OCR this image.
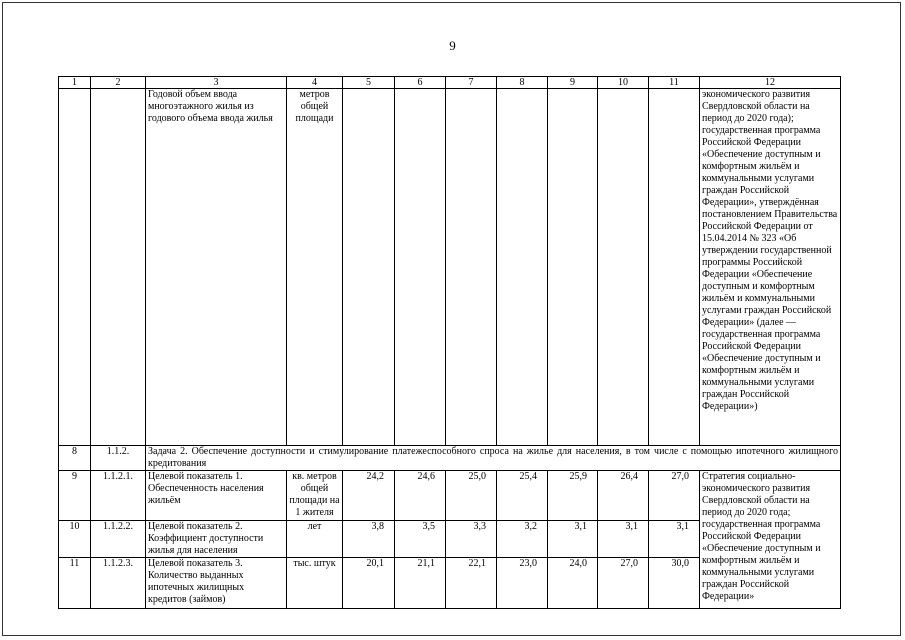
9
1	2	3	4	5	6	7	8	9	10	11	12
		Годовой объем ввода многоэтажного жилья из годового объема ввода жилья	метров общей площади								экономического развития Свердловской области на период до 2020 года); государственная программа Российской Федерации «Обеспечение доступным и комфортным жильём и коммунальными услугами граждан Российской Федерации», утверждённая постановлением Правительства Российской Федерации от 15.04.2014 № 323 «Об утверждении государственной программы Российской Федерации «Обеспечение доступным и комфортным жильём и коммунальными услугами граждан Российской Федерации» (далее — государственная программа Российской Федерации «Обеспечение доступным и комфортным жильём и коммунальными услугами граждан Российской Федерации»)
8	1.1.2.	Задача 2. Обеспечение доступности и стимулирование платежеспособного спроса на жилье для населения, в том числе с помощью ипотечного жилищного кредитования									
9	1.1.2.1.	Целевой показатель 1. Обеспеченность населения жильём	кв. метров общей площади на 1 жителя	24,2	24,6	25,0	25,4	25,9	26,4	27,0	Стратегия социально-экономического развития Свердловской области на период до 2020 года; государственная программа Российской Федерации «Обеспечение доступным и комфортным жильём и коммунальными услугами граждан Российской Федерации»
10	1.1.2.2.	Целевой показатель 2. Коэффициент доступности жилья для населения	лет	3,8	3,5	3,3	3,2	3,1	3,1	3,1	
11	1.1.2.3.	Целевой показатель 3. Количество выданных ипотечных жилищных кредитов (займов)	тыс. штук	20,1	21,1	22,1	23,0	24,0	27,0	30,0	
